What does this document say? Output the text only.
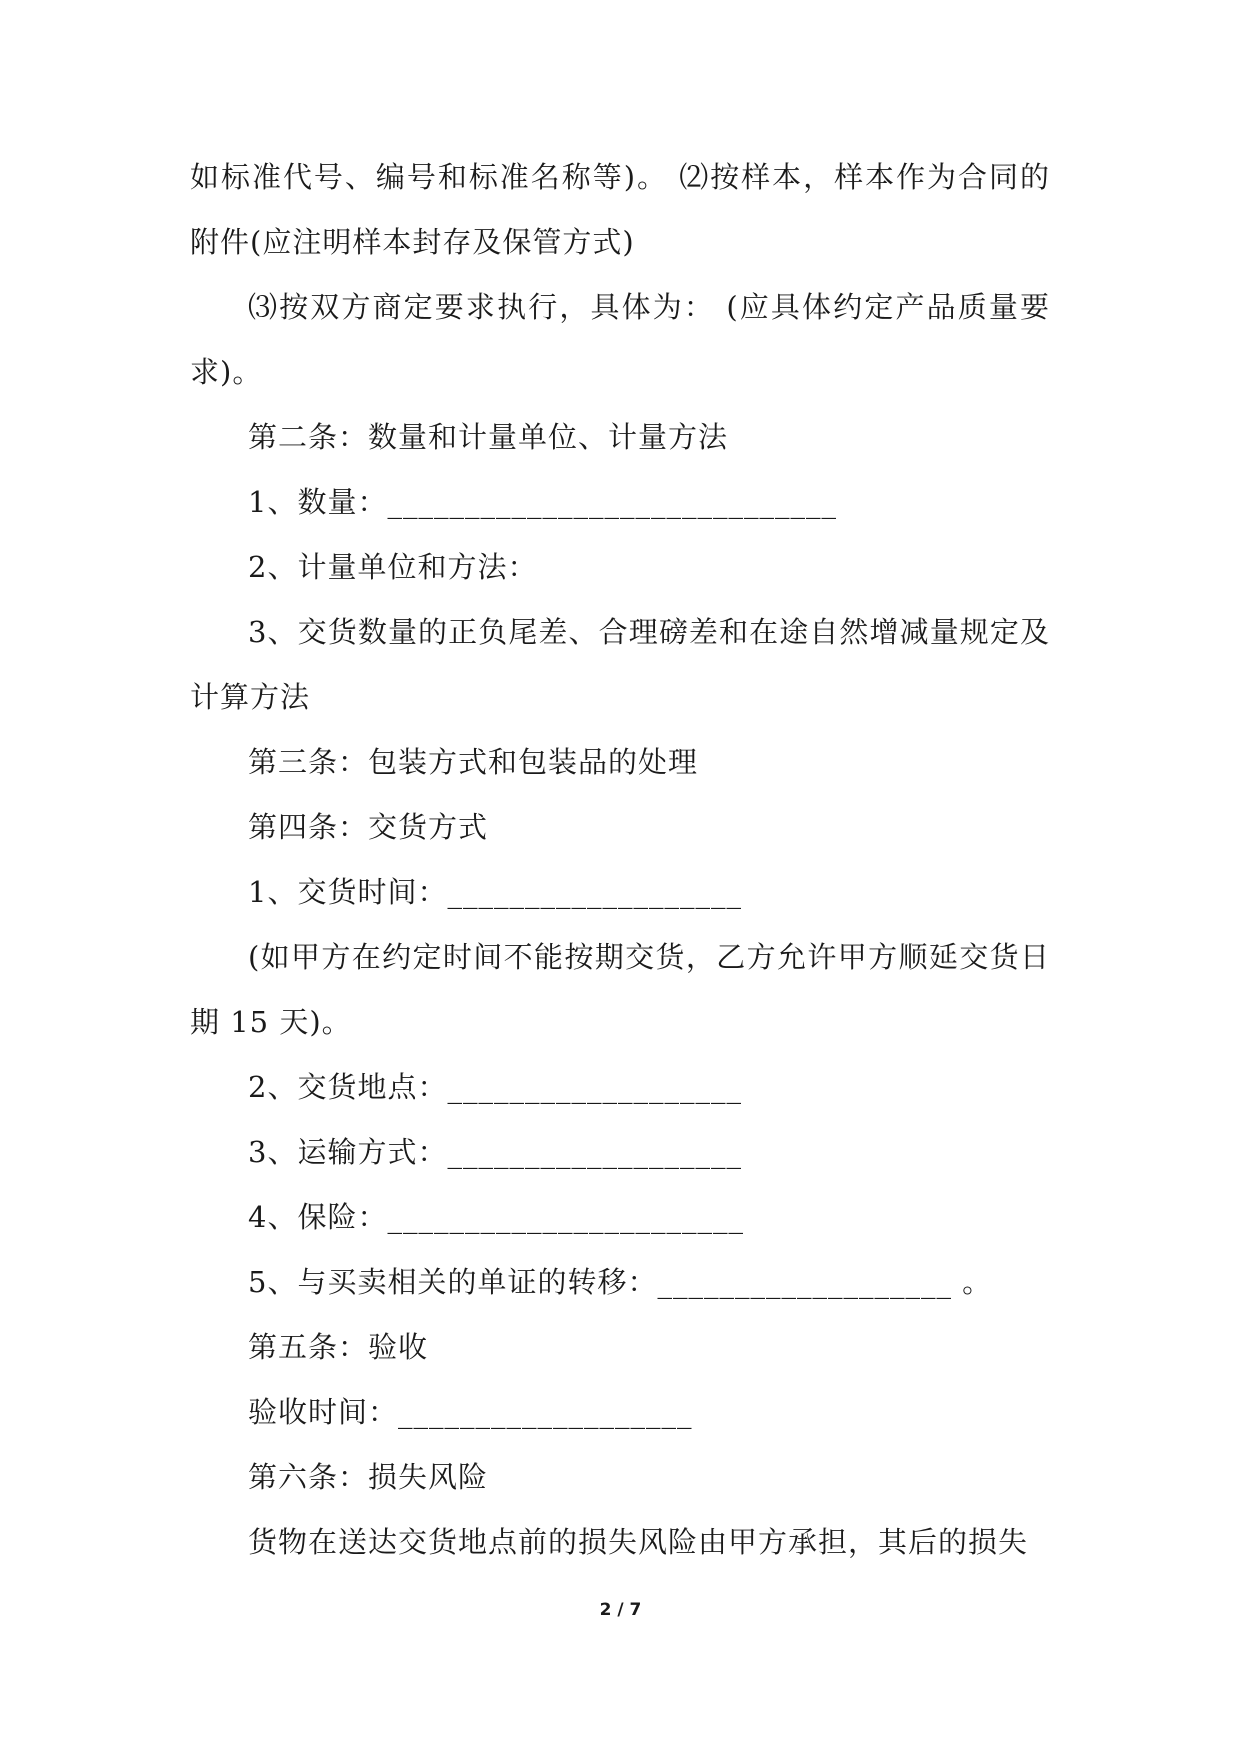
如标准代号、编号和标准名称等)。 ⑵按样本，样本作为合同的附件(应注明样本封存及保管方式)

⑶按双方商定要求执行，具体为： (应具体约定产品质量要求)。

第二条：数量和计量单位、计量方法

1、数量：_____________________________

2、计量单位和方法：

3、交货数量的正负尾差、合理磅差和在途自然增减量规定及计算方法

第三条：包装方式和包装品的处理

第四条：交货方式

1、交货时间：___________________

(如甲方在约定时间不能按期交货，乙方允许甲方顺延交货日期 15 天)。

2、交货地点：___________________

3、运输方式：___________________

4、保险：_______________________

5、与买卖相关的单证的转移：___________________ 。

第五条：验收

验收时间：___________________

第六条：损失风险

货物在送达交货地点前的损失风险由甲方承担，其后的损失

2 / 7
